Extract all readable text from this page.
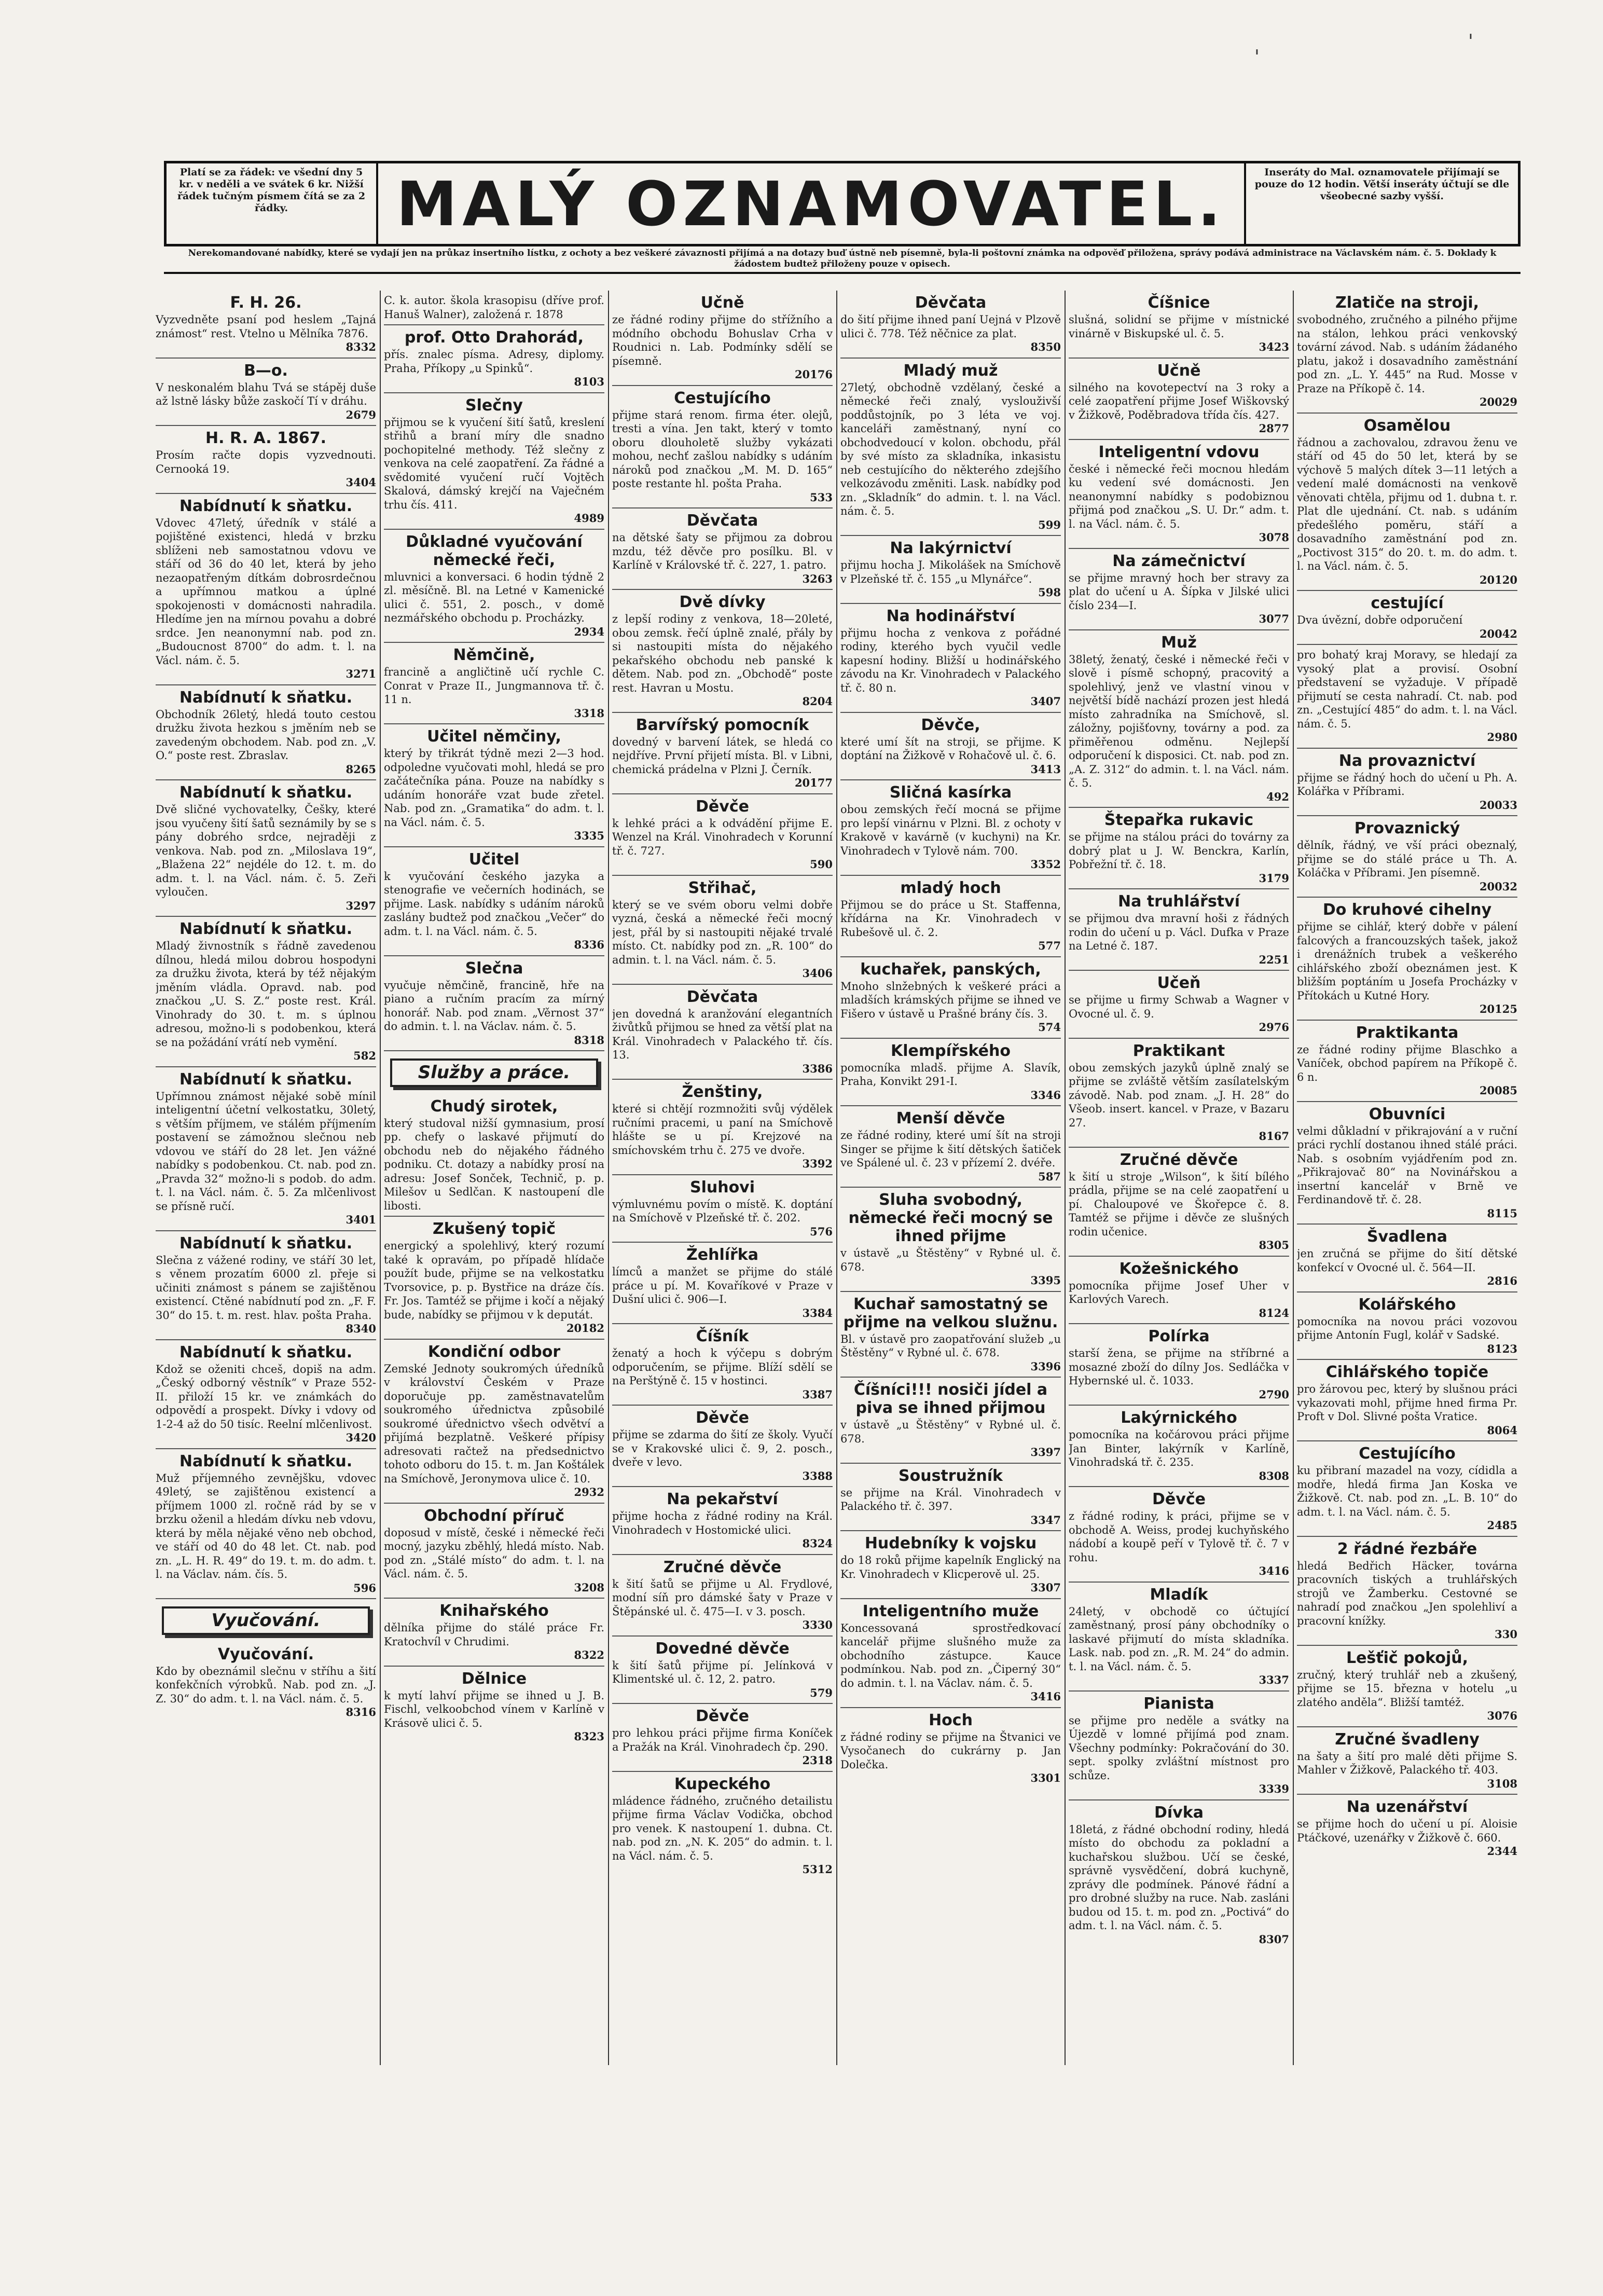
'
'
Platí se za řádek: ve všední dny 5 kr. v neděli a ve svátek 6 kr. Nižší řádek tučným písmem čítá se za 2 řádky.	MALÝ OZNAMOVATEL.	Inseráty do Mal. oznamovatele přijímají se pouze do 12 hodin. Větší inseráty účtují se dle všeobecné sazby vyšší.
Nerekomandované nabídky, které se vydají jen na průkaz insertního lístku, z ochoty a bez veškeré závaznosti přijímá a na dotazy buď ústně neb písemně, byla-li poštovní známka na odpověď přiložena, správy podává administrace na Václavském nám. č. 5. Doklady k žádostem budtež přiloženy pouze v opisech.
F. H. 26.

Vyzvedněte psaní pod heslem „Tajná známost“ rest. Vtelno u Mělníka 7876.

8332
B—o.

V neskonalém blahu Tvá se stápěj duše až lstně lásky bůže zaskočí Tí v dráhu.

2679
H. R. A. 1867.

Prosím račte dopis vyzvednouti. Cernooká 19.

3404
Nabídnutí k sňatku.

Vdovec 47letý, úředník v stálé a pojištěné existenci, hledá v brzku sblíženi neb samostatnou vdovu ve stáří od 36 do 40 let, která by jeho nezaopatřeným dítkám dobrosrdečnou a upřímnou matkou a úplné spokojenosti v domácnosti nahradila. Hledíme jen na mírnou povahu a dobré srdce. Jen neanonymní nab. pod zn. „Budoucnost 8700“ do adm. t. l. na Václ. nám. č. 5.

3271
Nabídnutí k sňatku.

Obchodník 26letý, hledá touto cestou družku života hezkou s jměním neb se zavedeným obchodem. Nab. pod zn. „V. O.“ poste rest. Zbraslav.

8265
Nabídnutí k sňatku.

Dvě sličné vychovatelky, Češky, které jsou vyučeny šití šatů seznámily by se s pány dobrého srdce, nejraději z venkova. Nab. pod zn. „Miloslava 19“, „Blažena 22“ nejdéle do 12. t. m. do adm. t. l. na Václ. nám. č. 5. Zeři vyloučen.

3297
Nabídnutí k sňatku.

Mladý živnostník s řádně zavedenou dílnou, hledá milou dobrou hospodyni za družku života, která by též nějakým jměním vládla. Opravd. nab. pod značkou „U. S. Z.“ poste rest. Král. Vinohrady do 30. t. m. s úplnou adresou, možno-li s podobenkou, která se na požádání vrátí neb vymění.

582
Nabídnutí k sňatku.

Upřímnou známost nějaké sobě mínil inteligentní účetní velkostatku, 30letý, s větším příjmem, ve stálém příjmením postavení se zámožnou slečnou neb vdovou ve stáří do 28 let. Jen vážné nabídky s podobenkou. Ct. nab. pod zn. „Pravda 32“ možno-li s podob. do adm. t. l. na Václ. nám. č. 5. Za mlčenlivost se přísně ručí.

3401
Nabídnutí k sňatku.

Slečna z vážené rodiny, ve stáří 30 let, s věnem prozatím 6000 zl. přeje si učiniti známost s pánem se zajištěnou existencí. Ctěné nabídnutí pod zn. „F. F. 30“ do 15. t. m. rest. hlav. pošta Praha.

8340
Nabídnutí k sňatku.

Kdož se oženiti chceš, dopiš na adm. „Český odborný věstník“ v Praze 552-II. přiloží 15 kr. ve známkách do odpovědí a prospekt. Dívky i vdovy od 1-2-4 až do 50 tisíc. Reelní mlčenlivost.

3420
Nabídnutí k sňatku.

Muž příjemného zevnějšku, vdovec 49letý, se zajištěnou existencí a příjmem 1000 zl. ročně rád by se v brzku oženil a hledám dívku neb vdovu, která by měla nějaké věno neb obchod, ve stáří od 40 do 48 let. Ct. nab. pod zn. „L. H. R. 49“ do 19. t. m. do adm. t. l. na Václav. nám. čís. 5.

596
Vyučování.
Vyučování.

Kdo by obeznámil slečnu v stříhu a šití konfekčních výrobků. Nab. pod zn. „J. Z. 30“ do adm. t. l. na Václ. nám. č. 5.

8316

C. k. autor. škola krasopisu (dříve prof. Hanuš Walner), založená r. 1878

prof. Otto Drahorád,

přís. znalec písma. Adresy, diplomy. Praha, Příkopy „u Spinků“.

8103
Slečny

přijmou se k vyučení šití šatů, kreslení střihů a braní míry dle snadno pochopitelné methody. Též slečny z venkova na celé zaopatření. Za řádné a svědomité vyučení ručí Vojtěch Skalová, dámský krejčí na Vaječném trhu čís. 411.

4989
Důkladné vyučování německé řeči,

mluvnici a konversaci. 6 hodin týdně 2 zl. měsíčně. Bl. na Letné v Kamenické ulici č. 551, 2. posch., v domě nezmářského obchodu p. Procházky.

2934
Němčině,

francině a angličtině učí rychle C. Conrat v Praze II., Jungmannova tř. č. 11 n.

3318
Učitel němčiny,

který by třikrát týdně mezi 2—3 hod. odpoledne vyučovati mohl, hledá se pro začátečníka pána. Pouze na nabídky s udáním honoráře vzat bude zřetel. Nab. pod zn. „Gramatika“ do adm. t. l. na Václ. nám. č. 5.

3335
Učitel

k vyučování českého jazyka a stenografie ve večerních hodinách, se přijme. Lask. nabídky s udáním nároků zaslány budtež pod značkou „Večer“ do adm. t. l. na Václ. nám. č. 5.

8336
Slečna

vyučuje němčině, francině, hře na piano a ručním pracím za mírný honorář. Nab. pod znam. „Věrnost 37“ do admin. t. l. na Václav. nám. č. 5.

8318
Služby a práce.
Chudý sirotek,

který studoval nižší gymnasium, prosí pp. chefy o laskavé přijmutí do obchodu neb do nějakého řádného podniku. Ct. dotazy a nabídky prosí na adresu: Josef Sonček, Technič, p. p. Milešov u Sedlčan. K nastoupení dle libosti.

Zkušený topič

energický a spolehlivý, který rozumí také k opravám, po případě hlídače použít bude, přijme se na velkostatku Tvorsovice, p. p. Bystřice na dráze čís. Fr. Jos. Tamtéž se přijme i kočí a nějaký bude, nabídky se přijmou v k deputát.

20182
Kondiční odbor

Zemské Jednoty soukromých úředníků v království Českém v Praze doporučuje pp. zaměstnavatelům soukromého úřednictva způsobilé soukromé úřednictvo všech odvětví a přijímá bezplatně. Veškeré přípisy adresovati račtež na předsednictvo tohoto odboru do 15. t. m. Jan Koštálek na Smíchově, Jeronymova ulice č. 10.

2932
Obchodní příruč

doposud v místě, české i německé řeči mocný, jazyku zběhlý, hledá místo. Nab. pod zn. „Stálé místo“ do adm. t. l. na Václ. nám. č. 5.

3208
Knihařského

dělníka přijme do stálé práce Fr. Kratochvíl v Chrudimi.

8322
Dělnice

k mytí lahví přijme se ihned u J. B. Fischl, velkoobchod vínem v Karlíně v Krásově ulici č. 5.

8323
Učně

ze řádné rodiny přijme do střížního a módního obchodu Bohuslav Crha v Roudnici n. Lab. Podmínky sdělí se písemně.

20176
Cestujícího

přijme stará renom. firma éter. olejů, tresti a vína. Jen takt, který v tomto oboru dlouholetě služby vykázati mohou, nechť zašlou nabídky s udáním nároků pod značkou „M. M. D. 165“ poste restante hl. pošta Praha.

533
Děvčata

na dětské šaty se přijmou za dobrou mzdu, též děvče pro posílku. Bl. v Karlíně v Královské tř. č. 227, 1. patro.

3263
Dvě dívky

z lepší rodiny z venkova, 18—20leté, obou zemsk. řečí úplně znalé, přály by si nastoupiti místa do nějakého pekařského obchodu neb panské k dětem. Nab. pod zn. „Obchodě“ poste rest. Havran u Mostu.

8204
Barvířský pomocník

dovedný v barvení látek, se hledá co nejdříve. První přijetí místa. Bl. v Libni, chemická prádelna v Plzni J. Černík.

20177
Děvče

k lehké práci a k odvádění přijme E. Wenzel na Král. Vinohradech v Korunní tř. č. 727.

590
Střihač,

který se ve svém oboru velmi dobře vyzná, česká a německé řeči mocný jest, přál by si nastoupiti nějaké trvalé místo. Ct. nabídky pod zn. „R. 100“ do admin. t. l. na Václ. nám. č. 5.

3406
Děvčata

jen dovedná k aranžování elegantních živůtků přijmou se hned za větší plat na Král. Vinohradech v Palackého tř. čís. 13.

3386
Ženštiny,

které si chtějí rozmnožiti svůj výdělek ručními pracemi, u paní na Smíchově hlášte se u pí. Krejzové na smíchovském trhu č. 275 ve dvoře.

3392
Sluhovi

výmluvnému povím o místě. K. doptání na Smíchově v Plzeňské tř. č. 202.

576
Žehlířka

límců a manžet se přijme do stálé práce u pí. M. Kovaříkové v Praze v Dušní ulici č. 906—I.

3384
Číšník

ženatý a hoch k výčepu s dobrým odporučením, se přijme. Blíží sdělí se na Perštýně č. 15 v hostinci.

3387
Děvče

přijme se zdarma do šití ze školy. Vyučí se v Krakovské ulici č. 9, 2. posch., dveře v levo.

3388
Na pekařství

přijme hocha z řádné rodiny na Král. Vinohradech v Hostomické ulici.

8324
Zručné děvče

k šití šatů se přijme u Al. Frydlové, modní síň pro dámské šaty v Praze v Štěpánské ul. č. 475—I. v 3. posch.

3330
Dovedné děvče

k šití šatů přijme pí. Jelínková v Klimentské ul. č. 12, 2. patro.

579
Děvče

pro lehkou práci přijme firma Koníček a Pražák na Král. Vinohradech čp. 290.

2318
Kupeckého

mládence řádného, zručného detailistu přijme firma Václav Vodička, obchod pro venek. K nastoupení 1. dubna. Ct. nab. pod zn. „N. K. 205“ do admin. t. l. na Václ. nám. č. 5.

5312
Děvčata

do šití přijme ihned paní Uejná v Plzově ulici č. 778. Též něčnice za plat.

8350
Mladý muž

27letý, obchodně vzdělaný, české a německé řeči znalý, vyslouživší poddůstojník, po 3 léta ve voj. kanceláři zaměstnaný, nyní co obchodvedoucí v kolon. obchodu, přál by své místo za skladníka, inkasistu neb cestujícího do některého zdejšího velkozávodu změniti. Lask. nabídky pod zn. „Skladník“ do admin. t. l. na Václ. nám. č. 5.

599
Na lakýrnictví

přijmu hocha J. Mikolášek na Smíchově v Plzeňské tř. č. 155 „u Mlynářce“.

598
Na hodinářství

přijmu hocha z venkova z pořádné rodiny, kterého bych vyučil vedle kapesní hodiny. Bližší u hodinářského závodu na Kr. Vinohradech v Palackého tř. č. 80 n.

3407
Děvče,

které umí šít na stroji, se přijme. K doptání na Žižkově v Rohačově ul. č. 6.

3413
Sličná kasírka

obou zemských řečí mocná se přijme pro lepší vinárnu v Plzni. Bl. z ochoty v Krakově v kavárně (v kuchyni) na Kr. Vinohradech v Tylově nám. 700.

3352
mladý hoch

Přijmou se do práce u St. Staffenna, křídárna na Kr. Vinohradech v Rubešově ul. č. 2.

577
kuchařek, panských,

Mnoho slnžebných k veškeré práci a mladších krámských přijme se ihned ve Fišero v ústavě u Prašné brány čís. 3.

574
Klempířského

pomocníka mladš. přijme A. Slavík, Praha, Konvikt 291-I.

3346
Menší děvče

ze řádné rodiny, které umí šít na stroji Singer se přijme k šití dětských šatiček ve Spálené ul. č. 23 v přízemí 2. dvéře.

587
Sluha svobodný, německé řeči mocný se ihned přijme

v ústavě „u Štěstěny“ v Rybné ul. č. 678.

3395
Kuchař samostatný se přijme na velkou služnu.

Bl. v ústavě pro zaopatřování služeb „u Štěstěny“ v Rybné ul. č. 678.

3396
Číšníci!!! nosiči jídel a piva se ihned přijmou

v ústavě „u Štěstěny“ v Rybné ul. č. 678.

3397
Soustružník

se přijme na Král. Vinohradech v Palackého tř. č. 397.

3347
Hudebníky k vojsku

do 18 roků přijme kapelník Englický na Kr. Vinohradech v Klicperově ul. 25.

3307
Inteligentního muže

Koncessovaná sprostředkovací kancelář přijme slušného muže za obchodního zástupce. Kauce podmínkou. Nab. pod zn. „Čiperný 30“ do admin. t. l. na Václav. nám. č. 5.

3416
Hoch

z řádné rodiny se přijme na Štvanici ve Vysočanech do cukrárny p. Jan Dolečka.

3301
Číšnice

slušná, solidní se přijme v místnické vinárně v Biskupské ul. č. 5.

3423
Učně

silného na kovotepectví na 3 roky a celé zaopatření přijme Josef Wiškovský v Žižkově, Poděbradova třída čís. 427.

2877
Inteligentní vdovu

české i německé řeči mocnou hledám ku vedení své domácnosti. Jen neanonymní nabídky s podobiznou přijmá pod značkou „S. U. Dr.“ adm. t. l. na Václ. nám. č. 5.

3078
Na zámečnictví

se přijme mravný hoch ber stravy za plat do učení u A. Šípka v Jilské ulici číslo 234—I.

3077
Muž

38letý, ženatý, české i německé řeči v slově i písmě schopný, pracovitý a spolehlivý, jenž ve vlastní vinou v největší bídě nachází prozen jest hledá místo zahradníka na Smíchově, sl. záložny, pojišťovny, továrny a pod. za přiměřenou odměnu. Nejlepší odporučení k disposici. Ct. nab. pod zn. „A. Z. 312“ do admin. t. l. na Václ. nám. č. 5.

492
Štepařka rukavic

se přijme na stálou práci do továrny za dobrý plat u J. W. Benckra, Karlín, Pobřežní tř. č. 18.

3179
Na truhlářství

se přijmou dva mravní hoši z řádných rodin do učení u p. Václ. Dufka v Praze na Letné č. 187.

2251
Učeň

se přijme u firmy Schwab a Wagner v Ovocné ul. č. 9.

2976
Praktikant

obou zemských jazyků úplně znalý se přijme se zvláště větším zasílatelským závodě. Nab. pod znam. „J. H. 28“ do Všeob. insert. kancel. v Praze, v Bazaru 27.

8167
Zručné děvče

k šití u stroje „Wilson“, k šití bílého prádla, přijme se na celé zaopatření u pí. Chaloupové ve Škořepce č. 8. Tamtéž se přijme i děvče ze slušných rodin učenice.

8305
Kožešnického

pomocníka přijme Josef Uher v Karlových Varech.

8124
Polírka

starší žena, se přijme na stříbrné a mosazné zboží do dílny Jos. Sedláčka v Hybernské ul. č. 1033.

2790
Lakýrnického

pomocníka na kočárovou práci přijme Jan Binter, lakýrník v Karlíně, Vinohradská tř. č. 235.

8308
Děvče

z řádné rodiny, k práci, přijme se v obchodě A. Weiss, prodej kuchyňského nádobí a koupě peří v Tylově tř. č. 7 v rohu.

3416
Mladík

24letý, v obchodě co účtující zaměstnaný, prosí pány obchodníky o laskavé přijmutí do místa skladníka. Lask. nab. pod zn. „R. M. 24“ do admin. t. l. na Václ. nám. č. 5.

3337
Pianista

se přijme pro neděle a svátky na Újezdě v lomné přijímá pod znam. Všechny podmínky: Pokračování do 30. sept. spolky zvláštní místnost pro schůze.

3339
Dívka

18letá, z řádné obchodní rodiny, hledá místo do obchodu za pokladní a kuchařskou službou. Učí se české, správně vysvědčení, dobrá kuchyně, zprávy dle podmínek. Pánové řádní a pro drobné služby na ruce. Nab. zasláni budou od 15. t. m. pod zn. „Poctivá“ do adm. t. l. na Václ. nám. č. 5.

8307
Zlatiče na stroji,

svobodného, zručného a pilného přijme na stálon, lehkou práci venkovský tovární závod. Nab. s udáním žádaného platu, jakož i dosavadního zaměstnání pod zn. „L. Y. 445“ na Rud. Mosse v Praze na Příkopě č. 14.

20029
Osamělou

řádnou a zachovalou, zdravou ženu ve stáří od 45 do 50 let, která by se výchově 5 malých dítek 3—11 letých a vedení malé domácnosti na venkově věnovati chtěla, přijmu od 1. dubna t. r. Plat dle ujednání. Ct. nab. s udáním předešlého poměru, stáří a dosavadního zaměstnání pod zn. „Poctivost 315“ do 20. t. m. do adm. t. l. na Václ. nám. č. 5.

20120
cestující

Dva úvězní, dobře odporučení

20042

pro bohatý kraj Moravy, se hledají za vysoký plat a provisí. Osobní představení se vyžaduje. V případě přijmutí se cesta nahradí. Ct. nab. pod zn. „Cestující 485“ do adm. t. l. na Václ. nám. č. 5.

2980
Na provaznictví

přijme se řádný hoch do učení u Ph. A. Kolářka v Příbrami.

20033
Provaznický

dělník, řádný, ve vší práci obeznalý, přijme se do stálé práce u Th. A. Koláčka v Příbrami. Jen písemně.

20032
Do kruhové cihelny

přijme se cihlář, který dobře v pálení falcových a francouzských tašek, jakož i drenážních trubek a veškerého cihlářského zboží obeznámen jest. K bližším poptáním u Josefa Procházky v Přítokách u Kutné Hory.

20125
Praktikanta

ze řádné rodiny přijme Blaschko a Vaníček, obchod papírem na Příkopě č. 6 n.

20085
Obuvníci

velmi důkladní v přikrajování a v ruční práci rychlí dostanou ihned stálé práci. Nab. s osobním vyjádřením pod zn. „Přikrajovač 80“ na Novinářskou a insertní kancelář v Brně ve Ferdinandově tř. č. 28.

8115
Švadlena

jen zručná se přijme do šití dětské konfekcí v Ovocné ul. č. 564—II.

2816
Kolářského

pomocníka na novou práci vozovou přijme Antonín Fugl, kolář v Sadské.

8123
Cihlářského topiče

pro žárovou pec, který by slušnou práci vykazovati mohl, přijme hned firma Pr. Proft v Dol. Slivné pošta Vratice.

8064
Cestujícího

ku přibraní mazadel na vozy, cídidla a modře, hledá firma Jan Koska ve Žižkově. Ct. nab. pod zn. „L. B. 10“ do adm. t. l. na Václ. nám. č. 5.

2485
2 řádné řezbáře

hledá Bedřich Häcker, továrna pracovních tiských a truhlářských strojů ve Žamberku. Cestovné se nahradí pod značkou „Jen spolehliví a pracovní knížky.

330
Lešťič pokojů,

zručný, který truhlář neb a zkušený, přijme se 15. března v hotelu „u zlatého anděla“. Bližší tamtéž.

3076
Zručné švadleny

na šaty a šití pro malé děti přijme S. Mahler v Žižkově, Palackého tř. 403.

3108
Na uzenářství

se přijme hoch do učení u pí. Aloisie Ptáčkové, uzenářky v Žižkově č. 660.

2344
